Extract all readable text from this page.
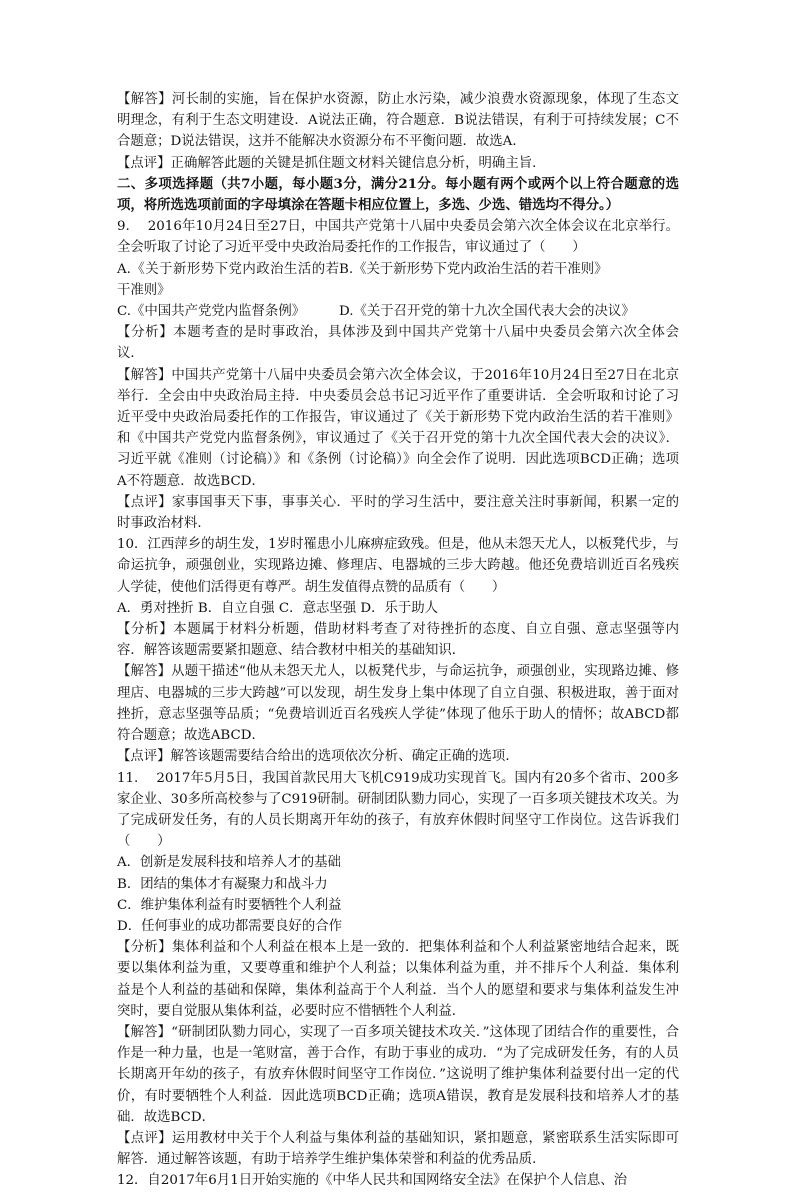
【解答】河长制的实施，旨在保护水资源，防止水污染，减少浪费水资源现象，体现了生态文明理念，有利于生态文明建设．A说法正确，符合题意．B说法错误，有利于可持续发展；C不合题意；D说法错误，这并不能解决水资源分布不平衡问题．故选A．

【点评】正确解答此题的关键是抓住题文材料关键信息分析，明确主旨．

二、多项选择题（共7小题，每小题3分，满分21分。每小题有两个或两个以上符合题意的选项，将所选选项前面的字母填涂在答题卡相应位置上，多选、少选、错选均不得分。）

9.　 2016年10月24日至27日，中国共产党第十八届中央委员会第六次全体会议在北京举行。全会听取了讨论了习近平受中央政治局委托作的工作报告，审议通过了（　　）

A.《关于新形势下党内政治生活的若干准则》
B.《关于新形势下党内政治生活的若干准则》
C.《中国共产党党内监督条例》	D.《关于召开党的第十九次全国代表大会的决议》

【分析】本题考查的是时事政治，具体涉及到中国共产党第十八届中央委员会第六次全体会议．

【解答】中国共产党第十八届中央委员会第六次全体会议，于2016年10月24日至27日在北京举行．全会由中央政治局主持．中央委员会总书记习近平作了重要讲话．全会听取和讨论了习近平受中央政治局委托作的工作报告，审议通过了《关于新形势下党内政治生活的若干准则》和《中国共产党党内监督条例》，审议通过了《关于召开党的第十九次全国代表大会的决议》．习近平就《准则（讨论稿）》和《条例（讨论稿）》向全会作了说明．因此选项BCD正确；选项A不符题意．故选BCD．

【点评】家事国事天下事，事事关心．平时的学习生活中，要注意关注时事新闻，积累一定的时事政治材料．

10．江西萍乡的胡生发，1岁时罹患小儿麻痹症致残。但是，他从未怨天尤人，以板凳代步，与命运抗争，顽强创业，实现路边摊、修理店、电器城的三步大跨越。他还免费培训近百名残疾人学徒，使他们活得更有尊严。胡生发值得点赞的品质有（　　）

A．勇对挫折 B．自立自强 C．意志坚强 D．乐于助人

【分析】本题属于材料分析题，借助材料考查了对待挫折的态度、自立自强、意志坚强等内容．解答该题需要紧扣题意、结合教材中相关的基础知识．

【解答】从题干描述“他从未怨天尤人，以板凳代步，与命运抗争，顽强创业，实现路边摊、修理店、电器城的三步大跨越”可以发现，胡生发身上集中体现了自立自强、积极进取，善于面对挫折，意志坚强等品质；“免费培训近百名残疾人学徒”体现了他乐于助人的情怀；故ABCD都符合题意；故选ABCD．

【点评】解答该题需要结合给出的选项依次分析、确定正确的选项．

11.　 2017年5月5日，我国首款民用大飞机C919成功实现首飞。国内有20多个省市、200多家企业、30多所高校参与了C919研制。研制团队勠力同心，实现了一百多项关键技术攻关。为了完成研发任务，有的人员长期离开年幼的孩子，有放弃休假时间坚守工作岗位。这告诉我们（　　）

A．创新是发展科技和培养人才的基础

B．团结的集体才有凝聚力和战斗力

C．维护集体利益有时要牺牲个人利益

D．任何事业的成功都需要良好的合作

【分析】集体利益和个人利益在根本上是一致的．把集体利益和个人利益紧密地结合起来，既要以集体利益为重，又要尊重和维护个人利益；以集体利益为重，并不排斥个人利益．集体利益是个人利益的基础和保障，集体利益高于个人利益．当个人的愿望和要求与集体利益发生冲突时，要自觉服从集体利益，必要时应不惜牺牲个人利益．

【解答】“研制团队勠力同心，实现了一百多项关键技术攻关．”这体现了团结合作的重要性，合作是一种力量，也是一笔财富，善于合作，有助于事业的成功．“为了完成研发任务，有的人员长期离开年幼的孩子，有放弃休假时间坚守工作岗位．”这说明了维护集体利益要付出一定的代价，有时要牺牲个人利益．因此选项BCD正确；选项A错误，教育是发展科技和培养人才的基础．故选BCD．

【点评】运用教材中关于个人利益与集体利益的基础知识，紧扣题意，紧密联系生活实际即可解答．通过解答该题，有助于培养学生维护集体荣誉和利益的优秀品质．

12．自2017年6月1日开始实施的《中华人民共和国网络安全法》在保护个人信息、治
